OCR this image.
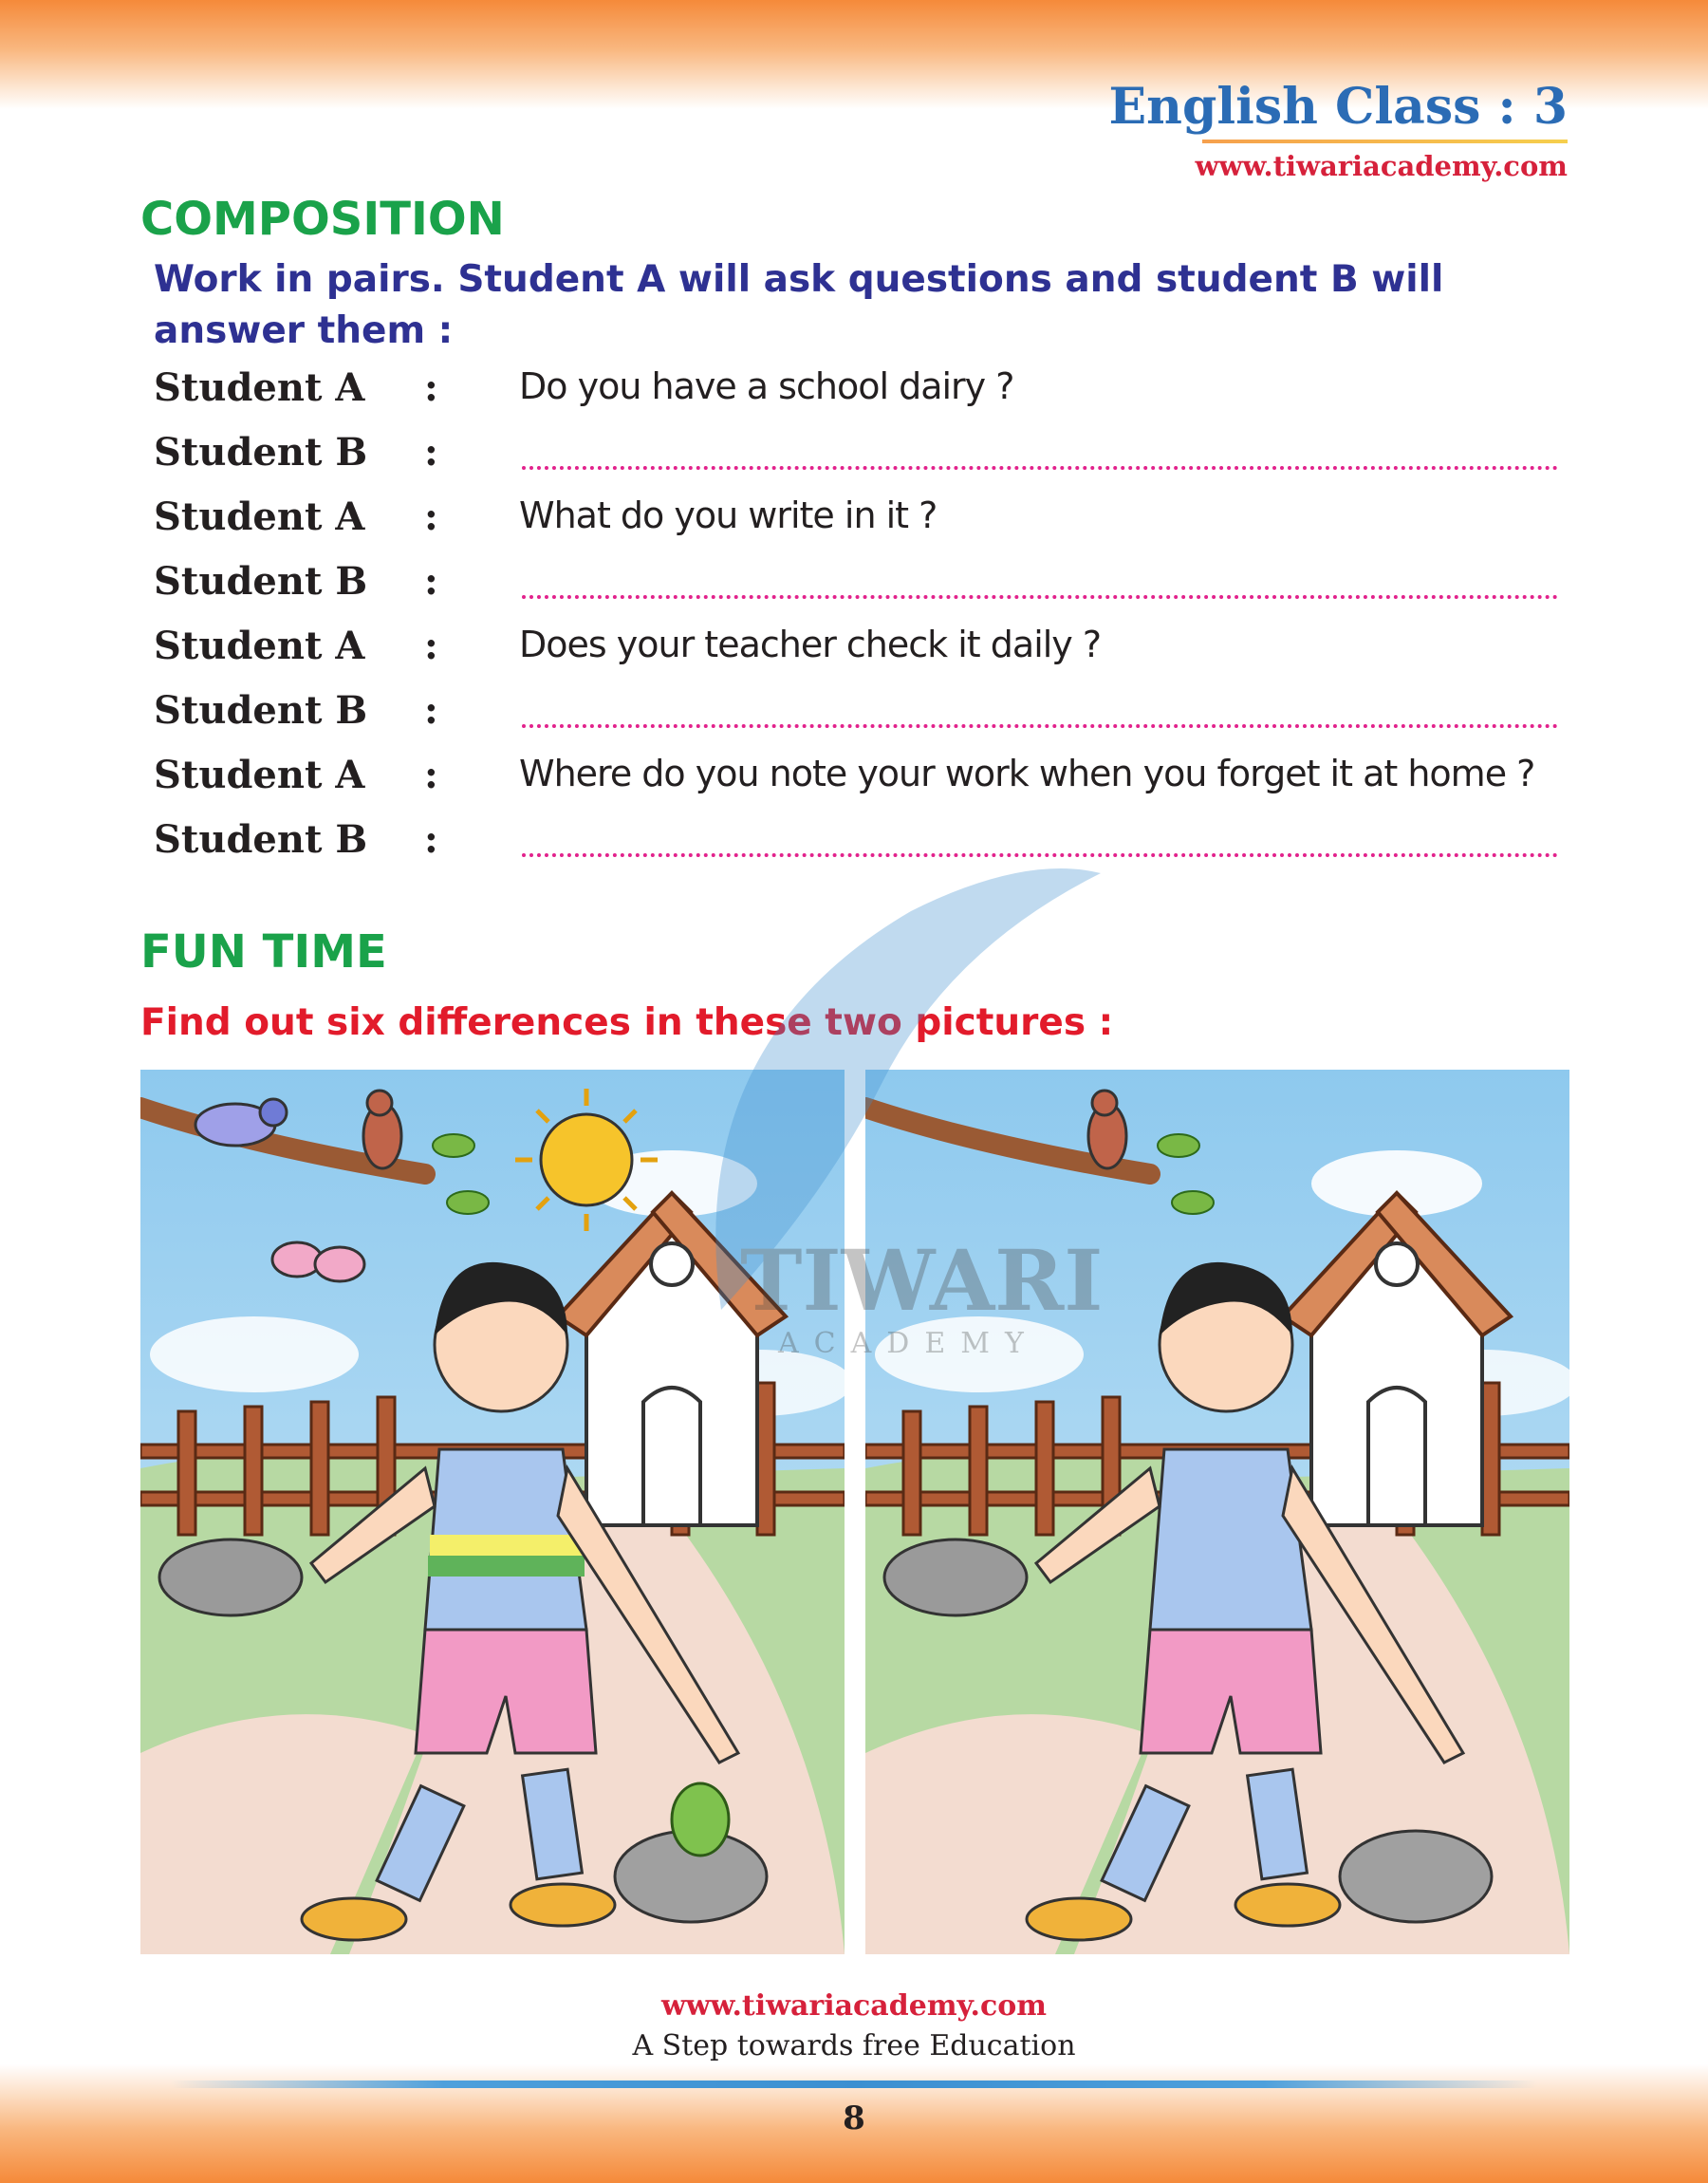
English Class : 3
www.tiwariacademy.com
COMPOSITION
Work in pairs. Student A will ask questions and student B will answer them :
Student A : Do you have a school dairy ?
Student B :
Student A : What do you write in it ?
Student B :
Student A : Does your teacher check it daily ?
Student B :
Student A : Where do you note your work when you forget it at home ?
Student B :
FUN TIME
Find out six differences in these two pictures :
TIWARI
ACADEMY
www.tiwariacademy.com
A Step towards free Education
8
